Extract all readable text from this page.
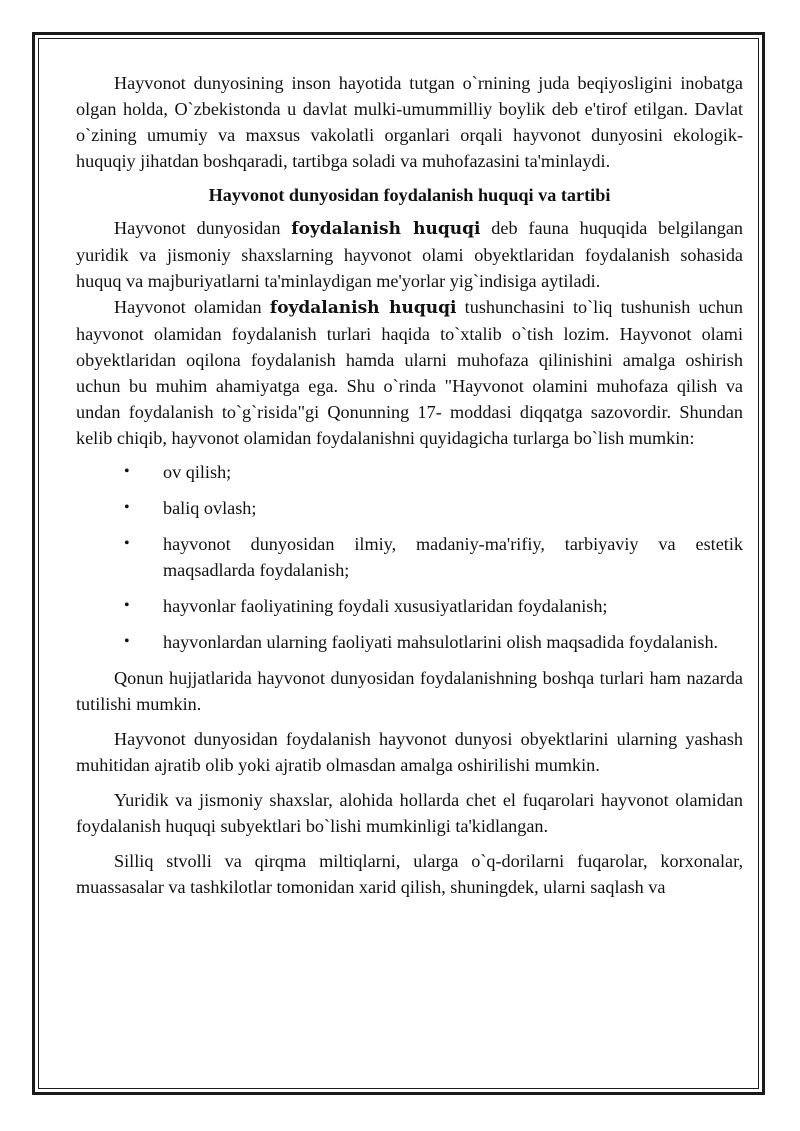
Hayvonot dunyosining inson hayotida tutgan o`rnining juda beqiyosligini inobatga olgan holda, O`zbekistonda u davlat mulki-umummilliy boylik deb e'tirof etilgan. Davlat o`zining umumiy va maxsus vakolatli organlari orqali hayvonot dunyosini ekologik-huquqiy jihatdan boshqaradi, tartibga soladi va muhofazasini ta'minlaydi.

Hayvonot dunyosidan foydalanish huquqi va tartibi

Hayvonot dunyosidan foydalanish huquqi deb fauna huquqida belgilangan yuridik va jismoniy shaxslarning hayvonot olami obyektlaridan foydalanish sohasida huquq va majburiyatlarni ta'minlaydigan me'yorlar yig`indisiga aytiladi.

Hayvonot olamidan foydalanish huquqi tushunchasini to`liq tushunish uchun hayvonot olamidan foydalanish turlari haqida to`xtalib o`tish lozim. Hayvonot olami obyektlaridan oqilona foydalanish hamda ularni muhofaza qilinishini amalga oshirish uchun bu muhim ahamiyatga ega. Shu o`rinda "Hayvonot olamini muhofaza qilish va undan foydalanish to`g`risida"gi Qonunning 17- moddasi diqqatga sazovordir. Shundan kelib chiqib, hayvonot olamidan foydalanishni quyidagicha turlarga bo`lish mumkin:

• ov qilish;
• baliq ovlash;
• hayvonot dunyosidan ilmiy, madaniy-ma'rifiy, tarbiyaviy va estetik maqsadlarda foydalanish;
• hayvonlar faoliyatining foydali xususiyatlaridan foydalanish;
• hayvonlardan ularning faoliyati mahsulotlarini olish maqsadida foydalanish.

Qonun hujjatlarida hayvonot dunyosidan foydalanishning boshqa turlari ham nazarda tutilishi mumkin.

Hayvonot dunyosidan foydalanish hayvonot dunyosi obyektlarini ularning yashash muhitidan ajratib olib yoki ajratib olmasdan amalga oshirilishi mumkin.

Yuridik va jismoniy shaxslar, alohida hollarda chet el fuqarolari hayvonot olamidan foydalanish huquqi subyektlari bo`lishi mumkinligi ta'kidlangan.

Silliq stvolli va qirqma miltiqlarni, ularga o`q-dorilarni fuqarolar, korxonalar, muassasalar va tashkilotlar tomonidan xarid qilish, shuningdek, ularni saqlash va
